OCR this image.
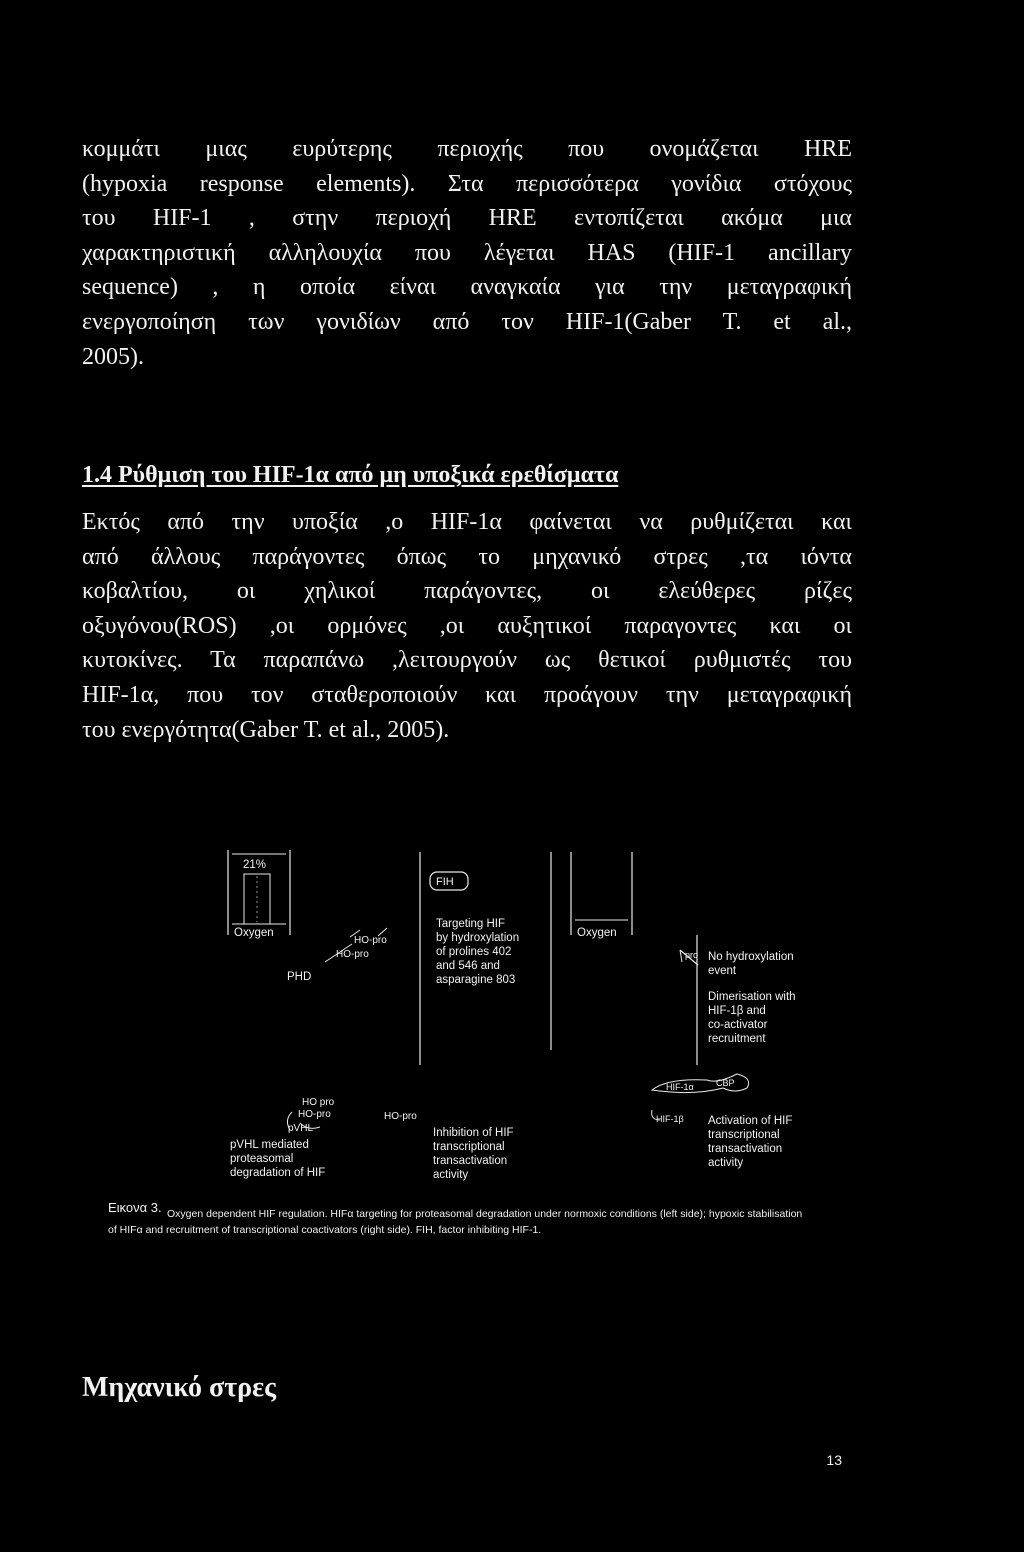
κομμάτι μιας ευρύτερης περιοχής που ονομάζεται HRE
(hypoxia response elements). Στα περισσότερα γονίδια στόχους
του HIF-1 , στην περιοχή HRE εντοπίζεται ακόμα μια
χαρακτηριστική αλληλουχία που λέγεται HAS (HIF-1 ancillary
sequence) , η οποία είναι αναγκαία για την μεταγραφική
ενεργοποίηση των γονιδίων από τον HIF-1(Gaber T. et al.,
2005).
1.4 Ρύθμιση του HIF-1α από μη υποξικά ερεθίσματα
Εκτός από την υποξία ,ο HIF-1α φαίνεται να ρυθμίζεται και
από άλλους παράγοντες όπως το μηχανικό στρες ,τα ιόντα
κοβαλτίου, οι χηλικοί παράγοντες, οι ελεύθερες ρίζες
οξυγόνου(ROS) ,οι ορμόνες ,οι αυξητικοί παραγοντες και οι
κυτοκίνες. Τα παραπάνω ,λειτουργούν ως θετικοί ρυθμιστές του
HIF-1α, που τον σταθεροποιούν και προάγουν την μεταγραφική
του ενεργότητα(Gaber T. et al., 2005).
21%
Oxygen	Oxygen
FIH
PHD
HO-pro
HO-pro
Targeting HIF
by hydroxylation
of prolines 402
and 546 and
asparagine 803
pro No hydroxylation
event
Dimerisation with
HIF-1β and
co-activator
recruitment
HO pro
HO-pro
pVHL
pVHL mediated
proteasomal
degradation of HIF
HO-pro
Inhibition of HIF
transcriptional
transactivation
activity
HIF-1α CBP
HIF-1β Activation of HIF
transcriptional
transactivation
activity
Εικονα 3. Oxygen dependent HIF regulation. HIFα targeting for proteasomal degradation under normoxic conditions (left side); hypoxic stabilisation
of HIFα and recruitment of transcriptional coactivators (right side). FIH, factor inhibiting HIF-1.
Μηχανικό στρες
13
